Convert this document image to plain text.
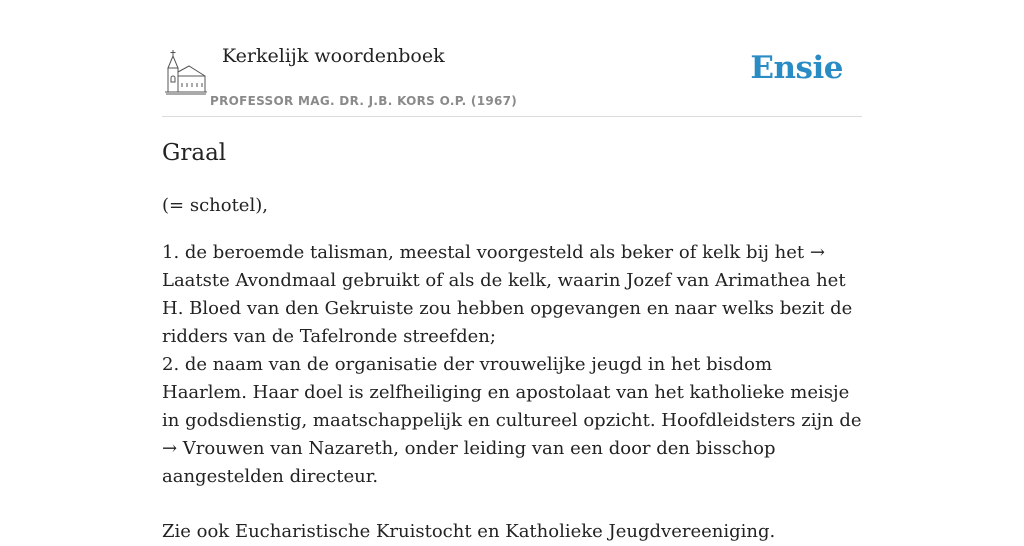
Kerkelijk woordenboek
PROFESSOR MAG. DR. J.B. KORS O.P. (1967)
Ensie
Graal

(= schotel),

1. de beroemde talisman, meestal voorgesteld als beker of kelk bij het → Laatste Avondmaal gebruikt of als de kelk, waarin Jozef van Arimathea het H. Bloed van den Gekruiste zou hebben opgevangen en naar welks bezit de ridders van de Tafelronde streefden;

2. de naam van de organisatie der vrouwelijke jeugd in het bisdom Haarlem. Haar doel is zelfheiliging en apostolaat van het katholieke meisje in godsdienstig, maatschappelijk en cultureel opzicht. Hoofdleidsters zijn de → Vrouwen van Nazareth, onder leiding van een door den bisschop aangestelden directeur.

Zie ook Eucharistische Kruistocht en Katholieke Jeugdvereeniging.
